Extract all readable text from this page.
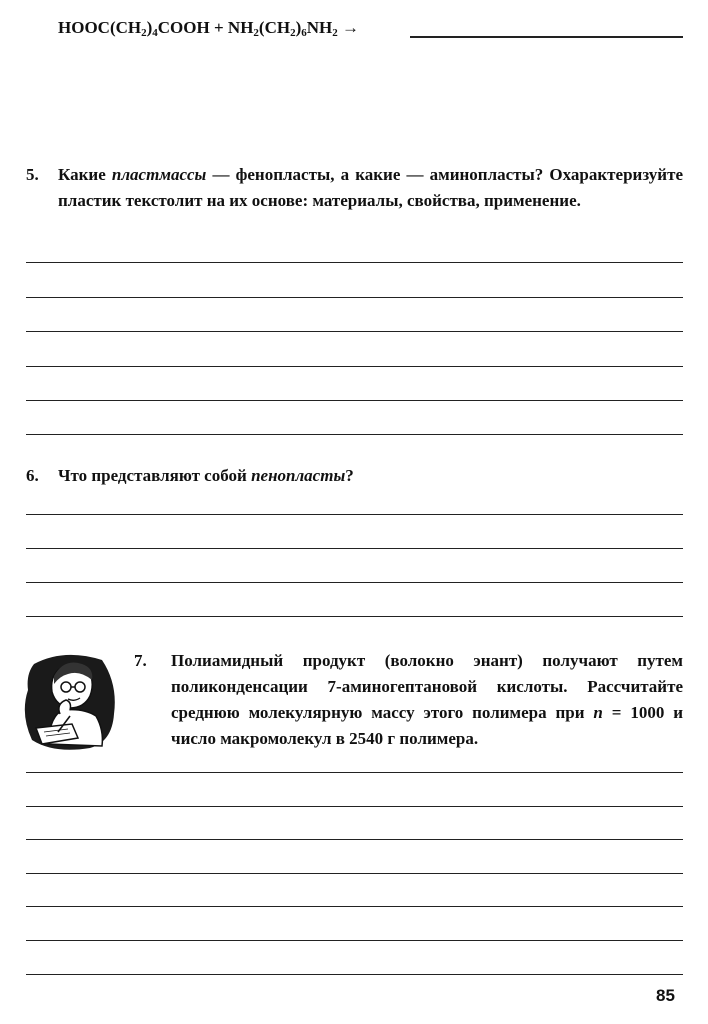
$HOOC(CH_2)_4COOH + NH_2(CH_2)_6NH_2$ →
5. Какие пластмассы — фенопласты, а какие — аминопласты? Охарактеризуйте пластик текстолит на их основе: материалы, свойства, применение.
6. Что представляют собой пенопласты?
7. Полиамидный продукт (волокно энант) получают путем поликонденсации 7-аминогептановой кислоты. Рассчитайте среднюю молекулярную массу этого полимера при n = 1000 и число макромолекул в 2540 г полимера.
85
